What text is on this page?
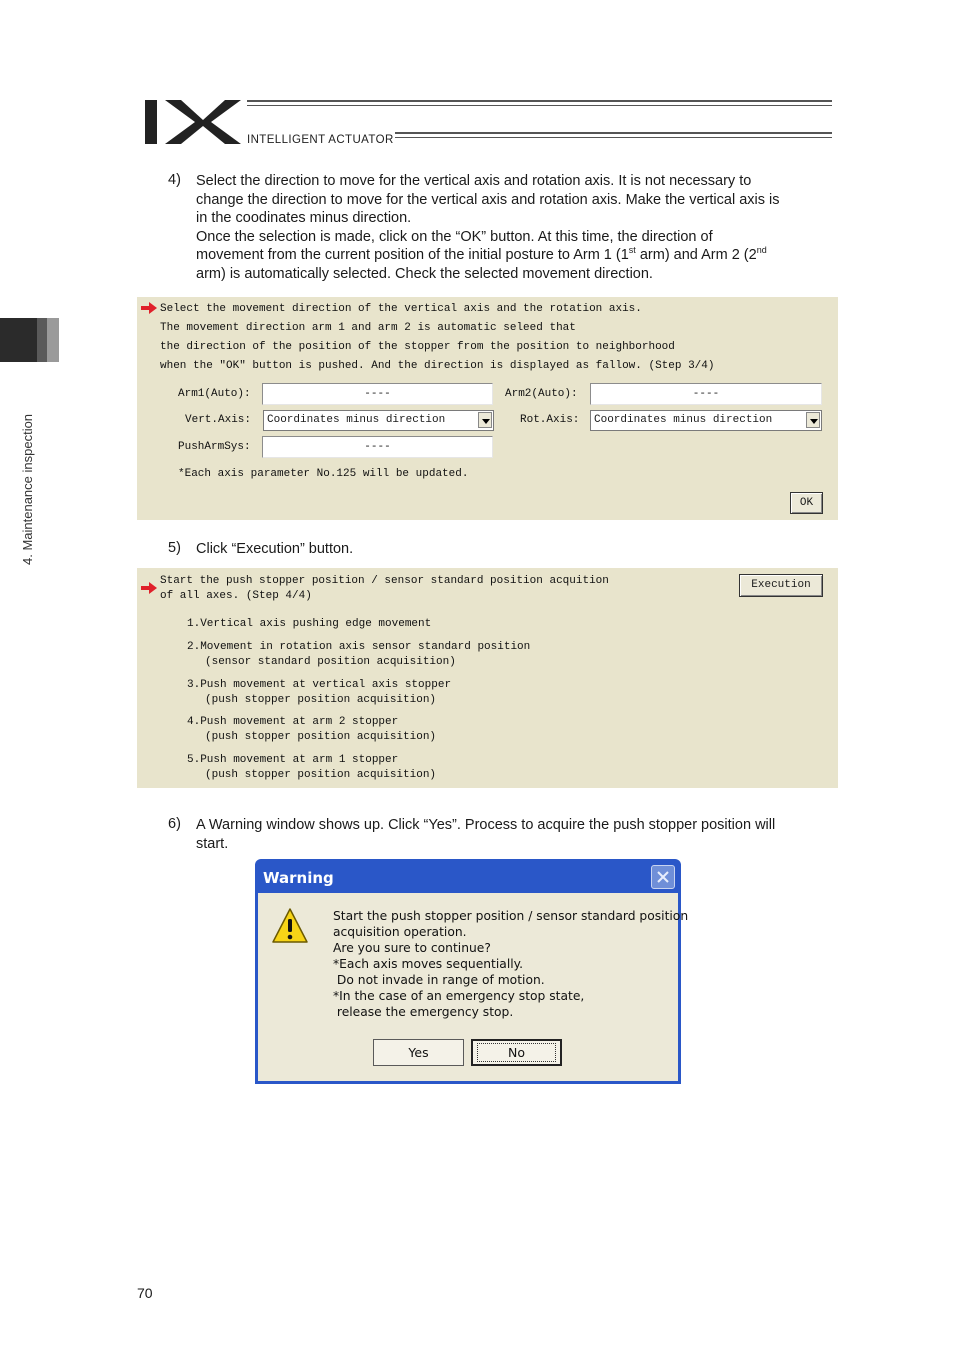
INTELLIGENT ACTUATOR
4. Maintenance inspection
4) Select the direction to move for the vertical axis and rotation axis. It is not necessary to

change the direction to move for the vertical axis and rotation axis. Make the vertical axis is

in the coodinates minus direction.

Once the selection is made, click on the “OK” button. At this time, the direction of

movement from the current position of the initial posture to Arm 1 (1st arm) and Arm 2 (2nd

arm) is automatically selected. Check the selected movement direction.

Select the movement direction of the vertical axis and the rotation axis.
The movement direction arm 1 and arm 2 is automatic seleed that
the direction of the position of the stopper from the position to neighborhood
when the "OK" button is pushed. And the direction is displayed as fallow. (Step 3/4)
Arm1(Auto):	----	Arm2(Auto):	----
Vert.Axis:	Coordinates minus direction	Rot.Axis:	Coordinates minus direction
PushArmSys:	----
*Each axis parameter No.125 will be updated.
OK
5) Click “Execution” button.
Start the push stopper position / sensor standard position acquition
of all axes. (Step 4/4)
Execution
1.Vertical axis pushing edge movement
2.Movement in rotation axis sensor standard position
(sensor standard position acquisition)
3.Push movement at vertical axis stopper
(push stopper position acquisition)
4.Push movement at arm 2 stopper
(push stopper position acquisition)
5.Push movement at arm 1 stopper
(push stopper position acquisition)
6) A Warning window shows up. Click “Yes”. Process to acquire the push stopper position will

start.

Warning
Start the push stopper position / sensor standard position
acquisition operation.
Are you sure to continue?
*Each axis moves sequentially.
Do not invade in range of motion.
*In the case of an emergency stop state,
release the emergency stop.
Yes	No
70
